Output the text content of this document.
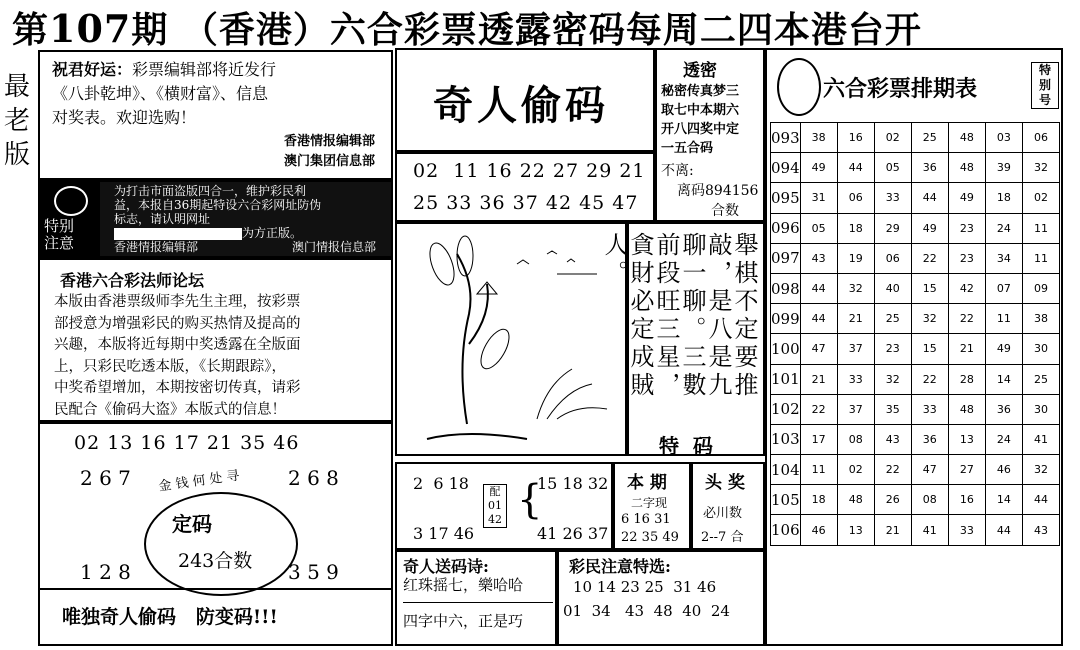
第107期 （香港）六合彩票透露密码每周二四本港台开
最
老
版
祝君好运：彩票编辑部将近发行
《八卦乾坤》、《横财富》、信息
对奖表。欢迎选购！
香港情报编辑部
澳门集团信息部
特别
注意
为打击市面盗版四合一，维护彩民利
益，本报自36期起特设六合彩网址防伪
标志，请认明网址
为方正版。
香港情报编辑部	澳门情报信息部
香港六合彩法师论坛
本版由香港票级师李先生主理，按彩票
部授意为增强彩民的购买热情及提高的
兴趣，本版将近每期中奖透露在全版面
上，只彩民吃透本版，《长期跟踪》，
中奖希望增加，本期按密切传真，请彩
民配合《偷码大盗》本版式的信息！
02 13 16 17 21 35 46
2 6 7	2 6 8
金 钱 何 处 寻
定码
243合数
1 2 8	3 5 9
唯独奇人偷码   防变码!!!
奇人偷码
02  11 16 22 27 29 21
25 33 36 37 42 45 47
透密
秘密传真梦三
取七中本期六
开八四奖中定
一五合码
不离:
离码894156
合数
舉棋不定要推敲，是八是九聊一聊。三數前段旺三星，貪財必定成賊人。
特  码
2  6 18
3 17 46
配
01
42 {
15 18 32
41 26 37
本 期
二字现
6 16 31
22 35 49
头 奖
必川数
2--7 合
奇人送码诗:
红珠摇七，樂哈哈
四字中六，正是巧
彩民注意特选:
10 14 23 25  31 46
01  34   43  48  40  24
六合彩票排期表
特
别
号
093	38	16	02	25	48	03	06
094	49	44	05	36	48	39	32
095	31	06	33	44	49	18	02
096	05	18	29	49	23	24	11
097	43	19	06	22	23	34	11
098	44	32	40	15	42	07	09
099	44	21	25	32	22	11	38
100	47	37	23	15	21	49	30
101	21	33	32	22	28	14	25
102	22	37	35	33	48	36	30
103	17	08	43	36	13	24	41
104	11	02	22	47	27	46	32
105	18	48	26	08	16	14	44
106	46	13	21	41	33	44	43
